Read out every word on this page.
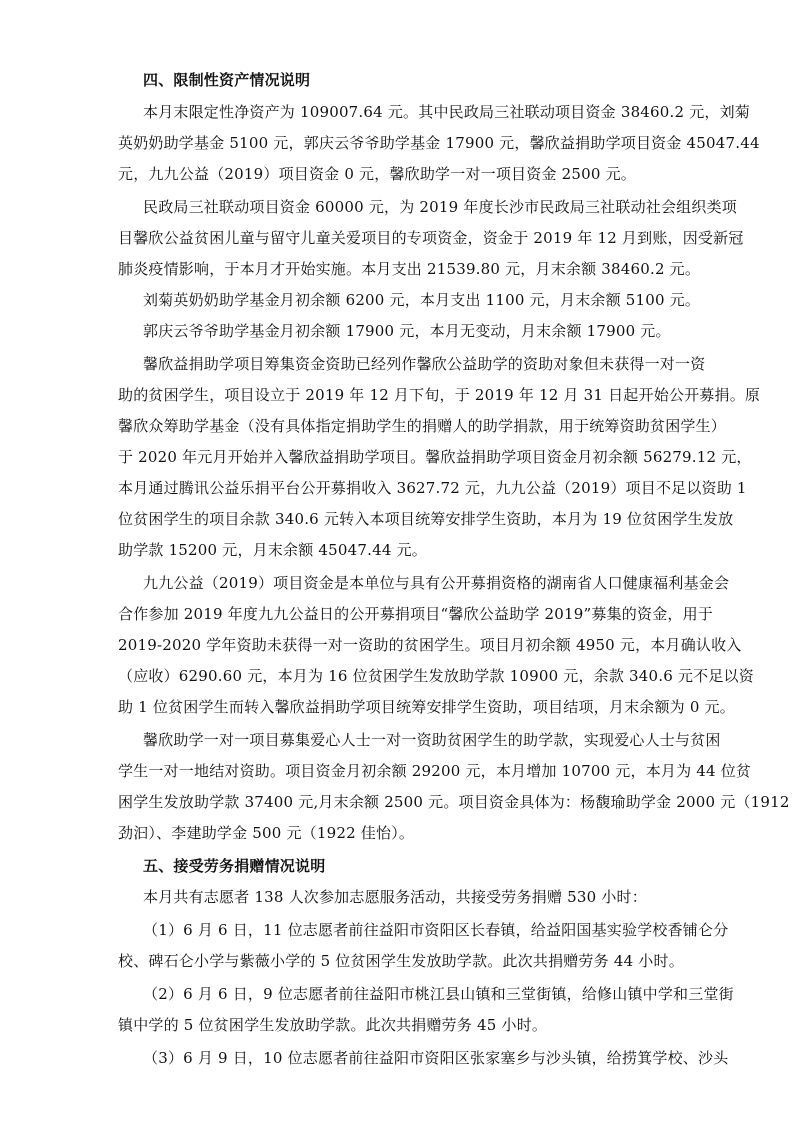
四、限制性资产情况说明
本月末限定性净资产为 109007.64 元。其中民政局三社联动项目资金 38460.2 元，刘菊
英奶奶助学基金 5100 元，郭庆云爷爷助学基金 17900 元，馨欣益捐助学项目资金 45047.44
元，九九公益（2019）项目资金 0 元，馨欣助学一对一项目资金 2500 元。
民政局三社联动项目资金 60000 元，为 2019 年度长沙市民政局三社联动社会组织类项
目馨欣公益贫困儿童与留守儿童关爱项目的专项资金，资金于 2019 年 12 月到账，因受新冠
肺炎疫情影响，于本月才开始实施。本月支出 21539.80 元，月末余额 38460.2 元。
刘菊英奶奶助学基金月初余额 6200 元，本月支出 1100 元，月末余额 5100 元。
郭庆云爷爷助学基金月初余额 17900 元，本月无变动，月末余额 17900 元。
馨欣益捐助学项目筹集资金资助已经列作馨欣公益助学的资助对象但未获得一对一资
助的贫困学生，项目设立于 2019 年 12 月下旬，于 2019 年 12 月 31 日起开始公开募捐。原
馨欣众筹助学基金（没有具体指定捐助学生的捐赠人的助学捐款，用于统筹资助贫困学生）
于 2020 年元月开始并入馨欣益捐助学项目。馨欣益捐助学项目资金月初余额 56279.12 元，
本月通过腾讯公益乐捐平台公开募捐收入 3627.72 元，九九公益（2019）项目不足以资助 1
位贫困学生的项目余款 340.6 元转入本项目统筹安排学生资助，本月为 19 位贫困学生发放
助学款 15200 元，月末余额 45047.44 元。
九九公益（2019）项目资金是本单位与具有公开募捐资格的湖南省人口健康福利基金会
合作参加 2019 年度九九公益日的公开募捐项目“馨欣公益助学 2019”募集的资金，用于
2019-2020 学年资助未获得一对一资助的贫困学生。项目月初余额 4950 元，本月确认收入
（应收）6290.60 元，本月为 16 位贫困学生发放助学款 10900 元，余款 340.6 元不足以资
助 1 位贫困学生而转入馨欣益捐助学项目统筹安排学生资助，项目结项，月末余额为 0 元。
馨欣助学一对一项目募集爱心人士一对一资助贫困学生的助学款，实现爱心人士与贫困
学生一对一地结对资助。项目资金月初余额 29200 元，本月增加 10700 元，本月为 44 位贫
困学生发放助学款 37400 元,月末余额 2500 元。项目资金具体为：杨馥瑜助学金 2000 元（1912
劲汩）、李建助学金 500 元（1922 佳怡）。
五、接受劳务捐赠情况说明
本月共有志愿者 138 人次参加志愿服务活动，共接受劳务捐赠 530 小时：
（1）6 月 6 日，11 位志愿者前往益阳市资阳区长春镇，给益阳国基实验学校香铺仑分
校、碑石仑小学与紫薇小学的 5 位贫困学生发放助学款。此次共捐赠劳务 44 小时。
（2）6 月 6 日，9 位志愿者前往益阳市桃江县山镇和三堂街镇，给修山镇中学和三堂街
镇中学的 5 位贫困学生发放助学款。此次共捐赠劳务 45 小时。
（3）6 月 9 日，10 位志愿者前往益阳市资阳区张家塞乡与沙头镇，给捞箕学校、沙头
